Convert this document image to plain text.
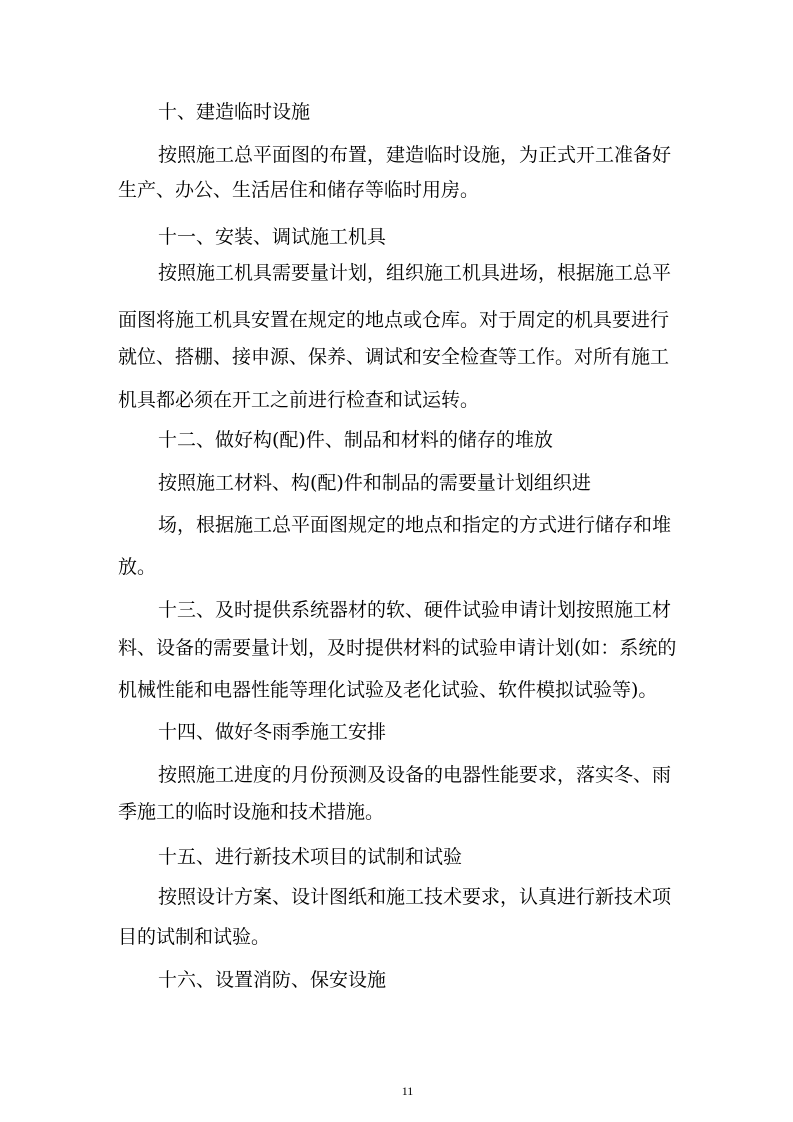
十、建造临时设施

按照施工总平面图的布置，建造临时设施，为正式开工准备好

生产、办公、生活居住和储存等临时用房。

十一、安装、调试施工机具

按照施工机具需要量计划，组织施工机具进场，根据施工总平

面图将施工机具安置在规定的地点或仓库。对于周定的机具要进行

就位、搭棚、接申源、保养、调试和安全检查等工作。对所有施工

机具都必须在开工之前进行检查和试运转。

十二、做好构(配)件、制品和材料的储存的堆放

按照施工材料、构(配)件和制品的需要量计划组织进

场，根据施工总平面图规定的地点和指定的方式进行储存和堆

放。

十三、及时提供系统器材的软、硬件试验申请计划按照施工材

料、设备的需要量计划，及时提供材料的试验申请计划(如：系统的

机械性能和电器性能等理化试验及老化试验、软件模拟试验等)。

十四、做好冬雨季施工安排

按照施工进度的月份预测及设备的电器性能要求，落实冬、雨

季施工的临时设施和技术措施。

十五、进行新技术项目的试制和试验

按照设计方案、设计图纸和施工技术要求，认真进行新技术项

目的试制和试验。

十六、设置消防、保安设施

11
